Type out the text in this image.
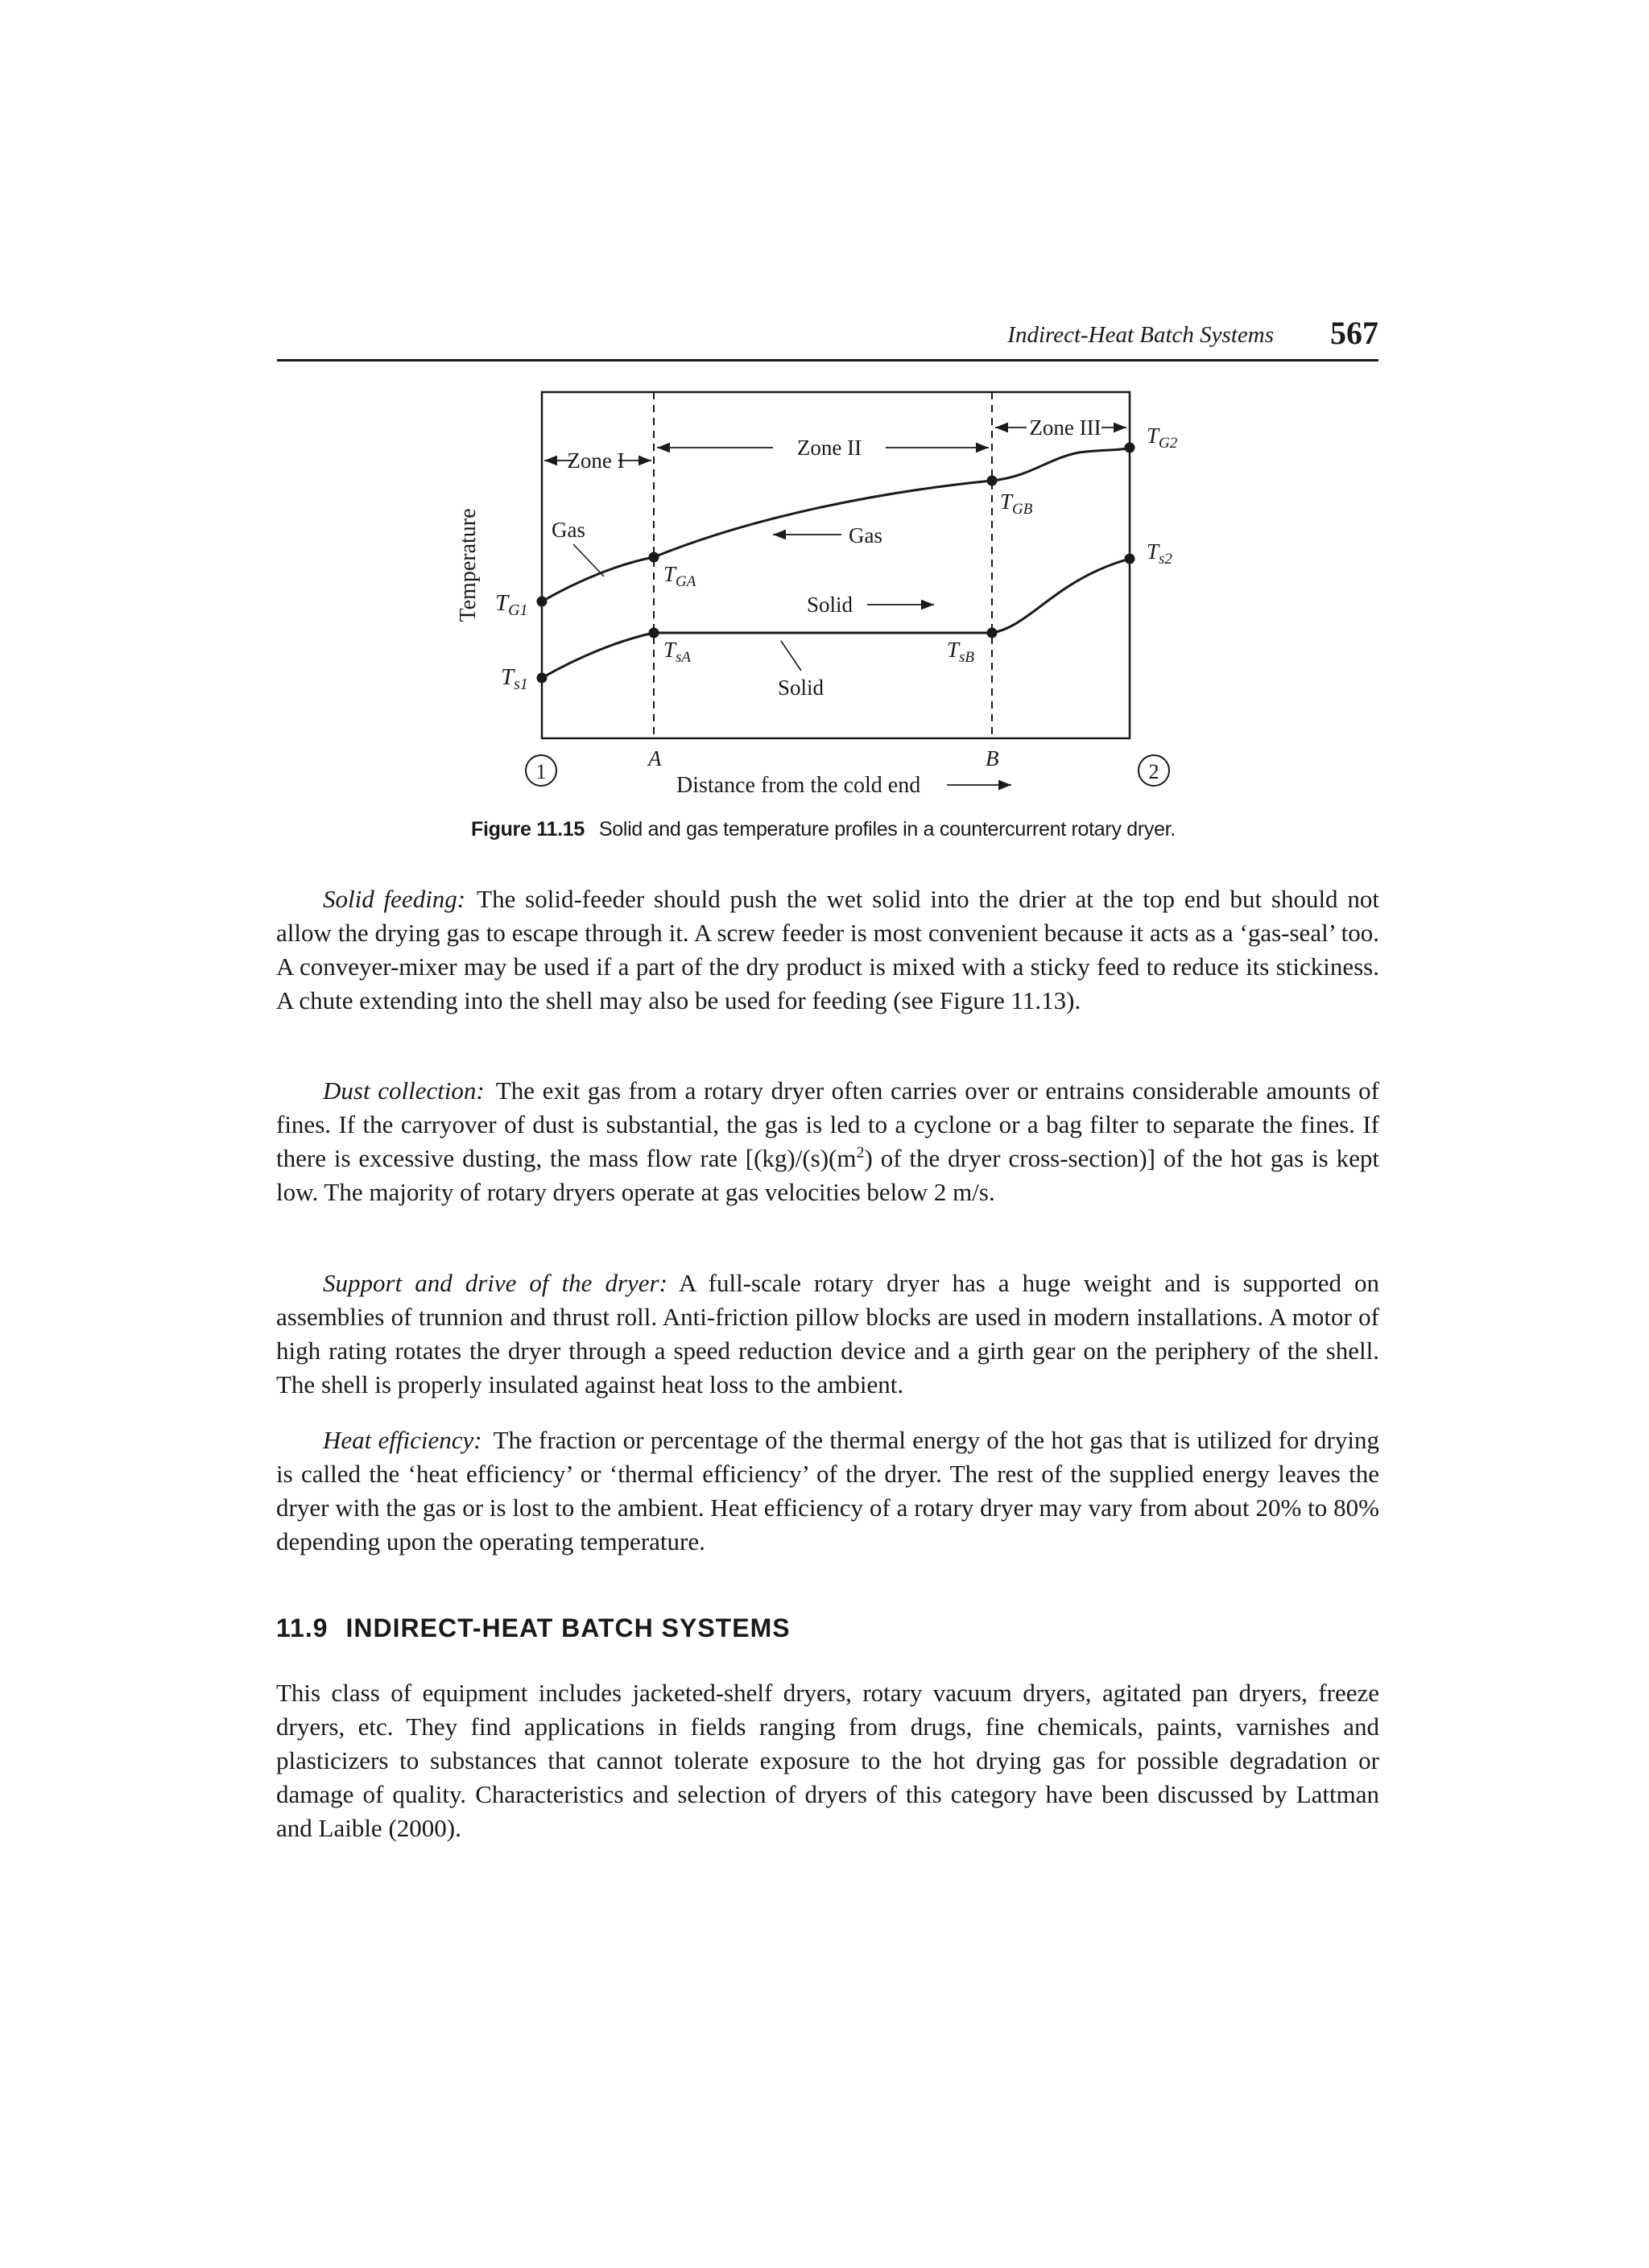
Indirect-Heat Batch Systems 567
Zone I
Zone II
Zone III
$T_{G1}$
$T_{s1}$
$T_{GA}$
$T_{sA}$
$T_{GB}$
$T_{sB}$
$T_{G2}$
$T_{s2}$
Gas	Gas
Solid
Solid
Temperature
A	B
1	2
Distance from the cold end
Figure 11.15 Solid and gas temperature profiles in a countercurrent rotary dryer.

Solid feeding: The solid-feeder should push the wet solid into the drier at the top end but should not allow the drying gas to escape through it. A screw feeder is most convenient because it acts as a ‘gas-seal’ too. A conveyer-mixer may be used if a part of the dry product is mixed with a sticky feed to reduce its stickiness. A chute extending into the shell may also be used for feeding (see Figure 11.13).

Dust collection: The exit gas from a rotary dryer often carries over or entrains considerable amounts of fines. If the carryover of dust is substantial, the gas is led to a cyclone or a bag filter to separate the fines. If there is excessive dusting, the mass flow rate [$(kg)/(s)(m^2)$ of the dryer cross-section)] of the hot gas is kept low. The majority of rotary dryers operate at gas velocities below 2 m/s.

Support and drive of the dryer: A full-scale rotary dryer has a huge weight and is supported on assemblies of trunnion and thrust roll. Anti-friction pillow blocks are used in modern installations. A motor of high rating rotates the dryer through a speed reduction device and a girth gear on the periphery of the shell. The shell is properly insulated against heat loss to the ambient.

Heat efficiency: The fraction or percentage of the thermal energy of the hot gas that is utilized for drying is called the ‘heat efficiency’ or ‘thermal efficiency’ of the dryer. The rest of the supplied energy leaves the dryer with the gas or is lost to the ambient. Heat efficiency of a rotary dryer may vary from about 20% to 80% depending upon the operating temperature.

11.9 INDIRECT-HEAT BATCH SYSTEMS

This class of equipment includes jacketed-shelf dryers, rotary vacuum dryers, agitated pan dryers, freeze dryers, etc. They find applications in fields ranging from drugs, fine chemicals, paints, varnishes and plasticizers to substances that cannot tolerate exposure to the hot drying gas for possible degradation or damage of quality. Characteristics and selection of dryers of this category have been discussed by Lattman and Laible (2000).
